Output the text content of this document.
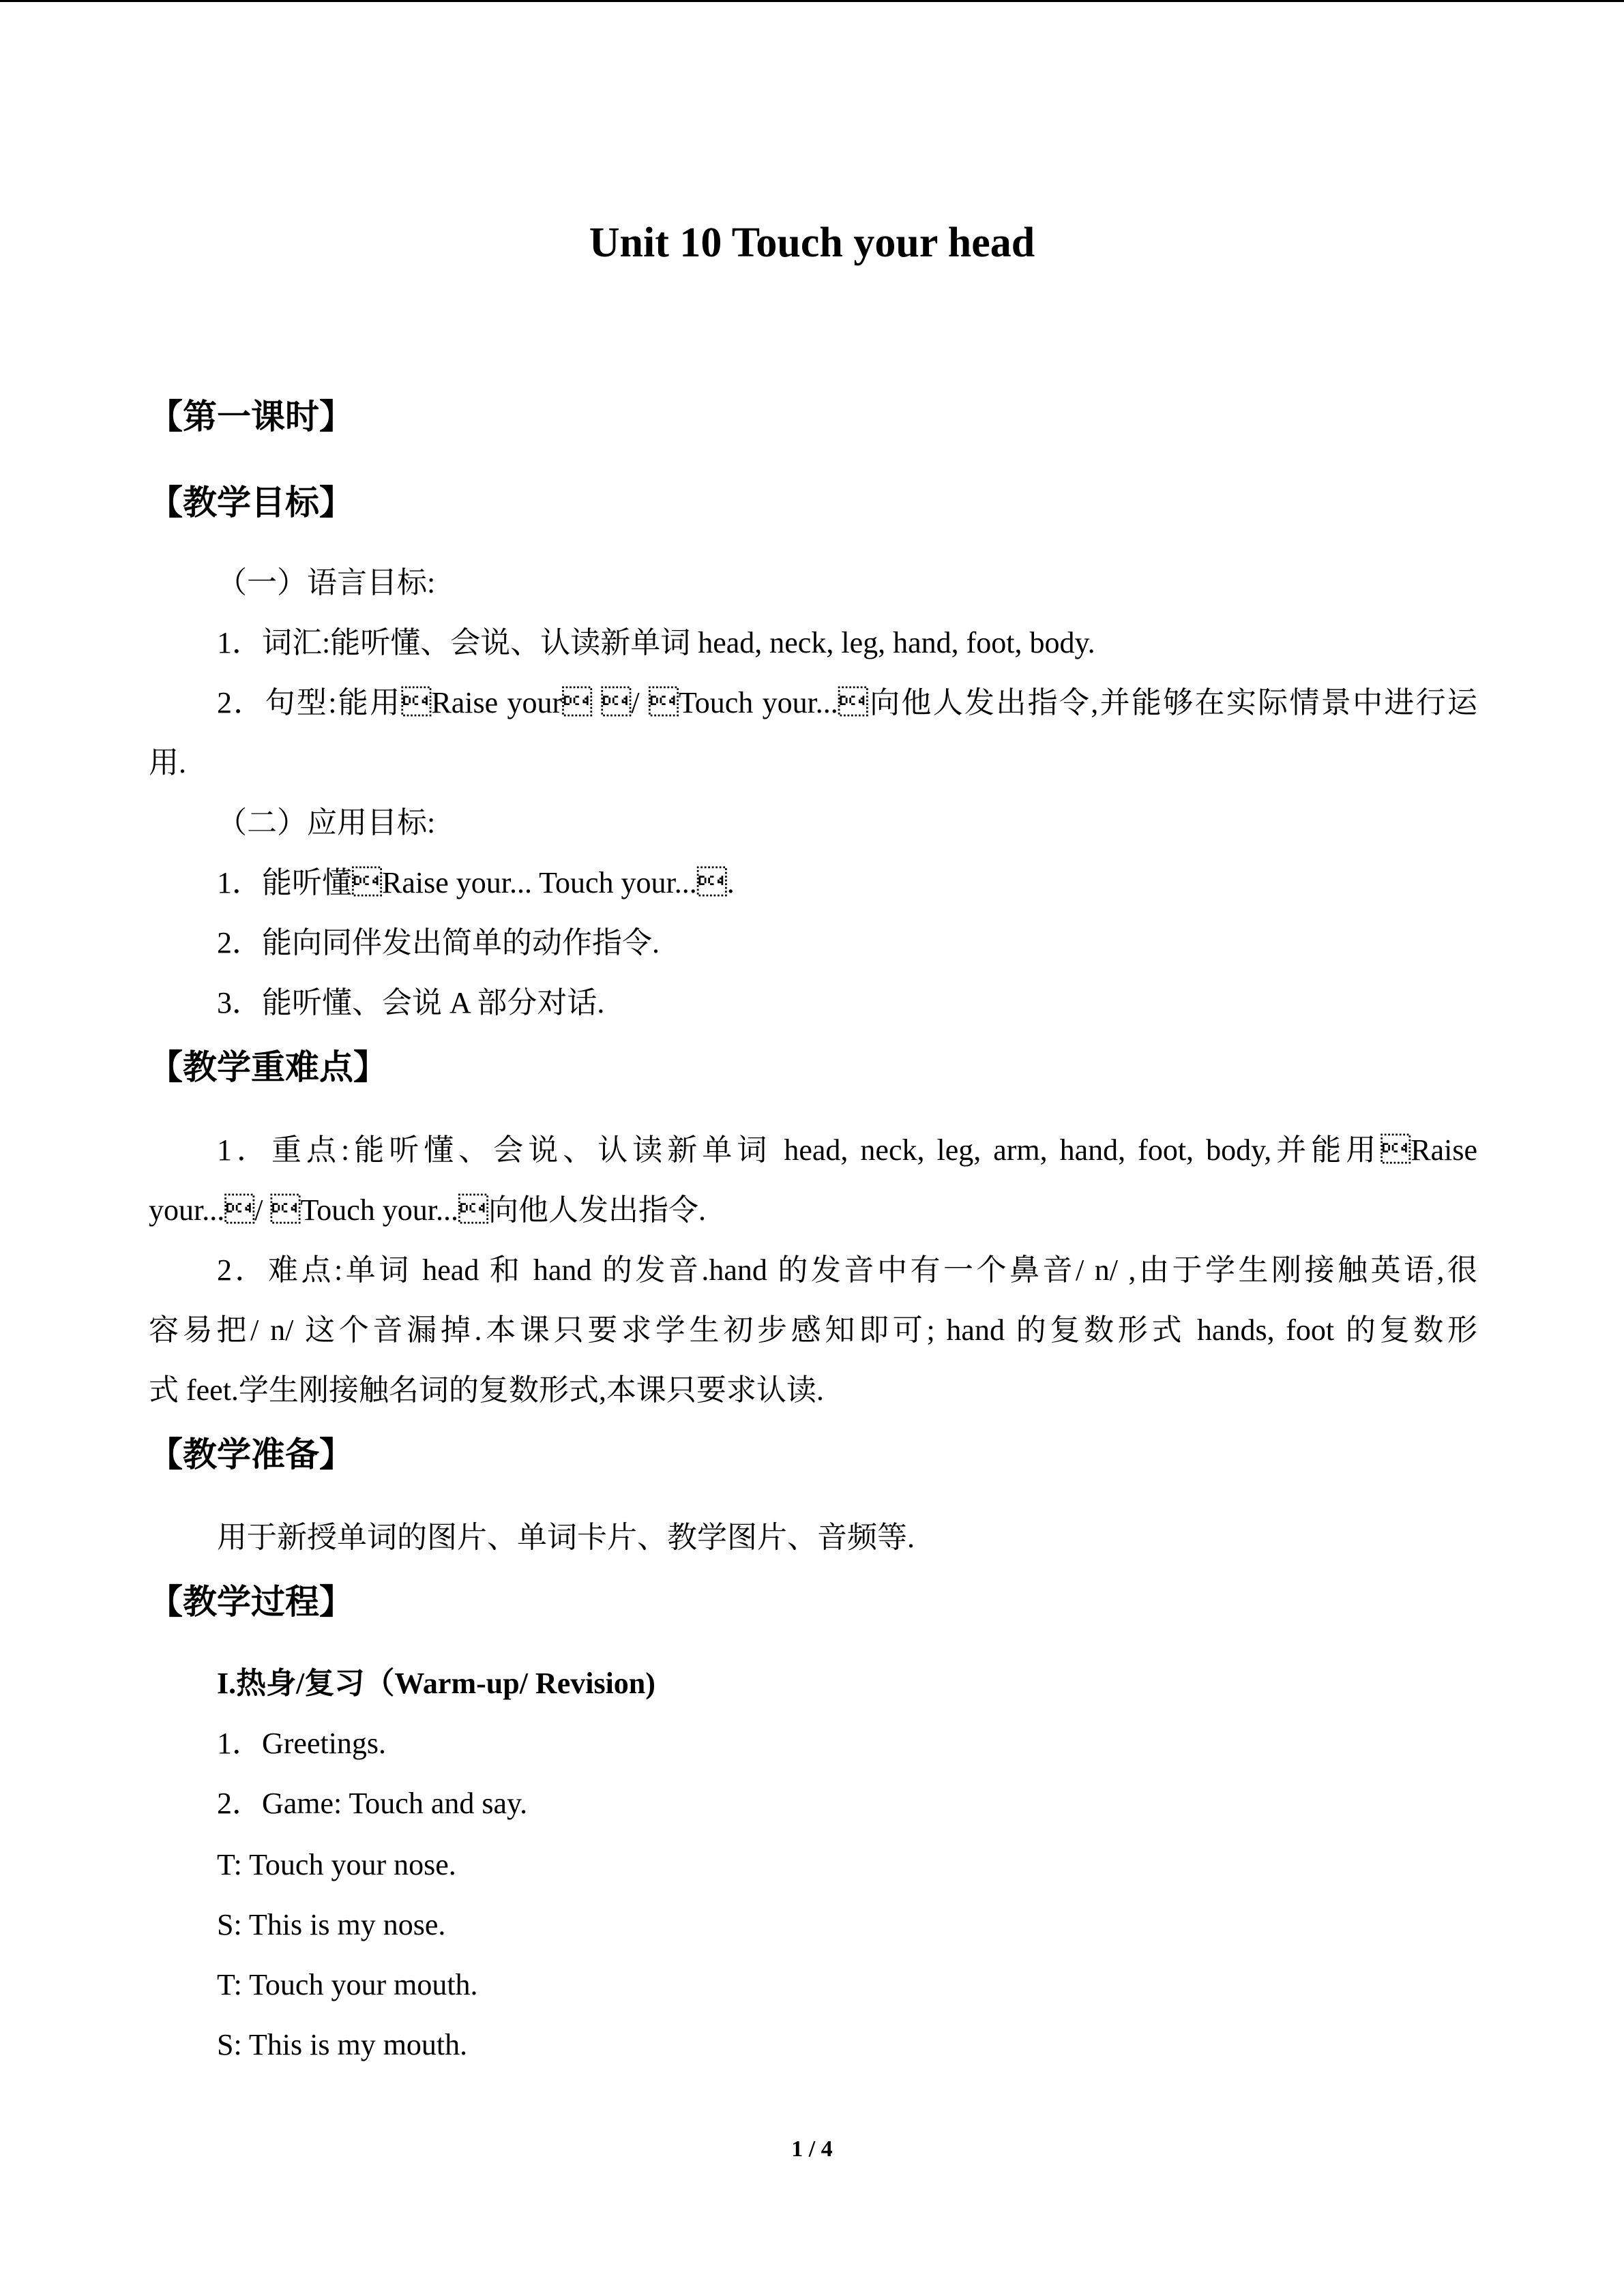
Unit 10 Touch your head
【第一课时】
【教学目标】
（一）语言目标:
1．词汇:能听懂、会说、认读新单词 head, neck, leg, hand, foot, body.
2．句型:能用Raise your / Touch your...向他人发出指令,并能够在实际情景中进行运
用.
（二）应用目标:
1．能听懂Raise your... Touch your....
2．能向同伴发出简单的动作指令.
3．能听懂、会说 A 部分对话.
【教学重难点】
1．重点:能听懂、会说、认读新单词 head, neck, leg, arm, hand, foot, body,并能用Raise
your.../ Touch your...向他人发出指令.
2．难点:单词 head 和 hand 的发音.hand 的发音中有一个鼻音/ n/ ,由于学生刚接触英语,很
容易把/ n/ 这个音漏掉.本课只要求学生初步感知即可; hand 的复数形式 hands, foot 的复数形
式 feet.学生刚接触名词的复数形式,本课只要求认读.
【教学准备】
用于新授单词的图片、单词卡片、教学图片、音频等.
【教学过程】
I.热身/复习（Warm-up/ Revision)
1．Greetings.
2．Game: Touch and say.
T: Touch your nose.
S: This is my nose.
T: Touch your mouth.
S: This is my mouth.
1 / 4
